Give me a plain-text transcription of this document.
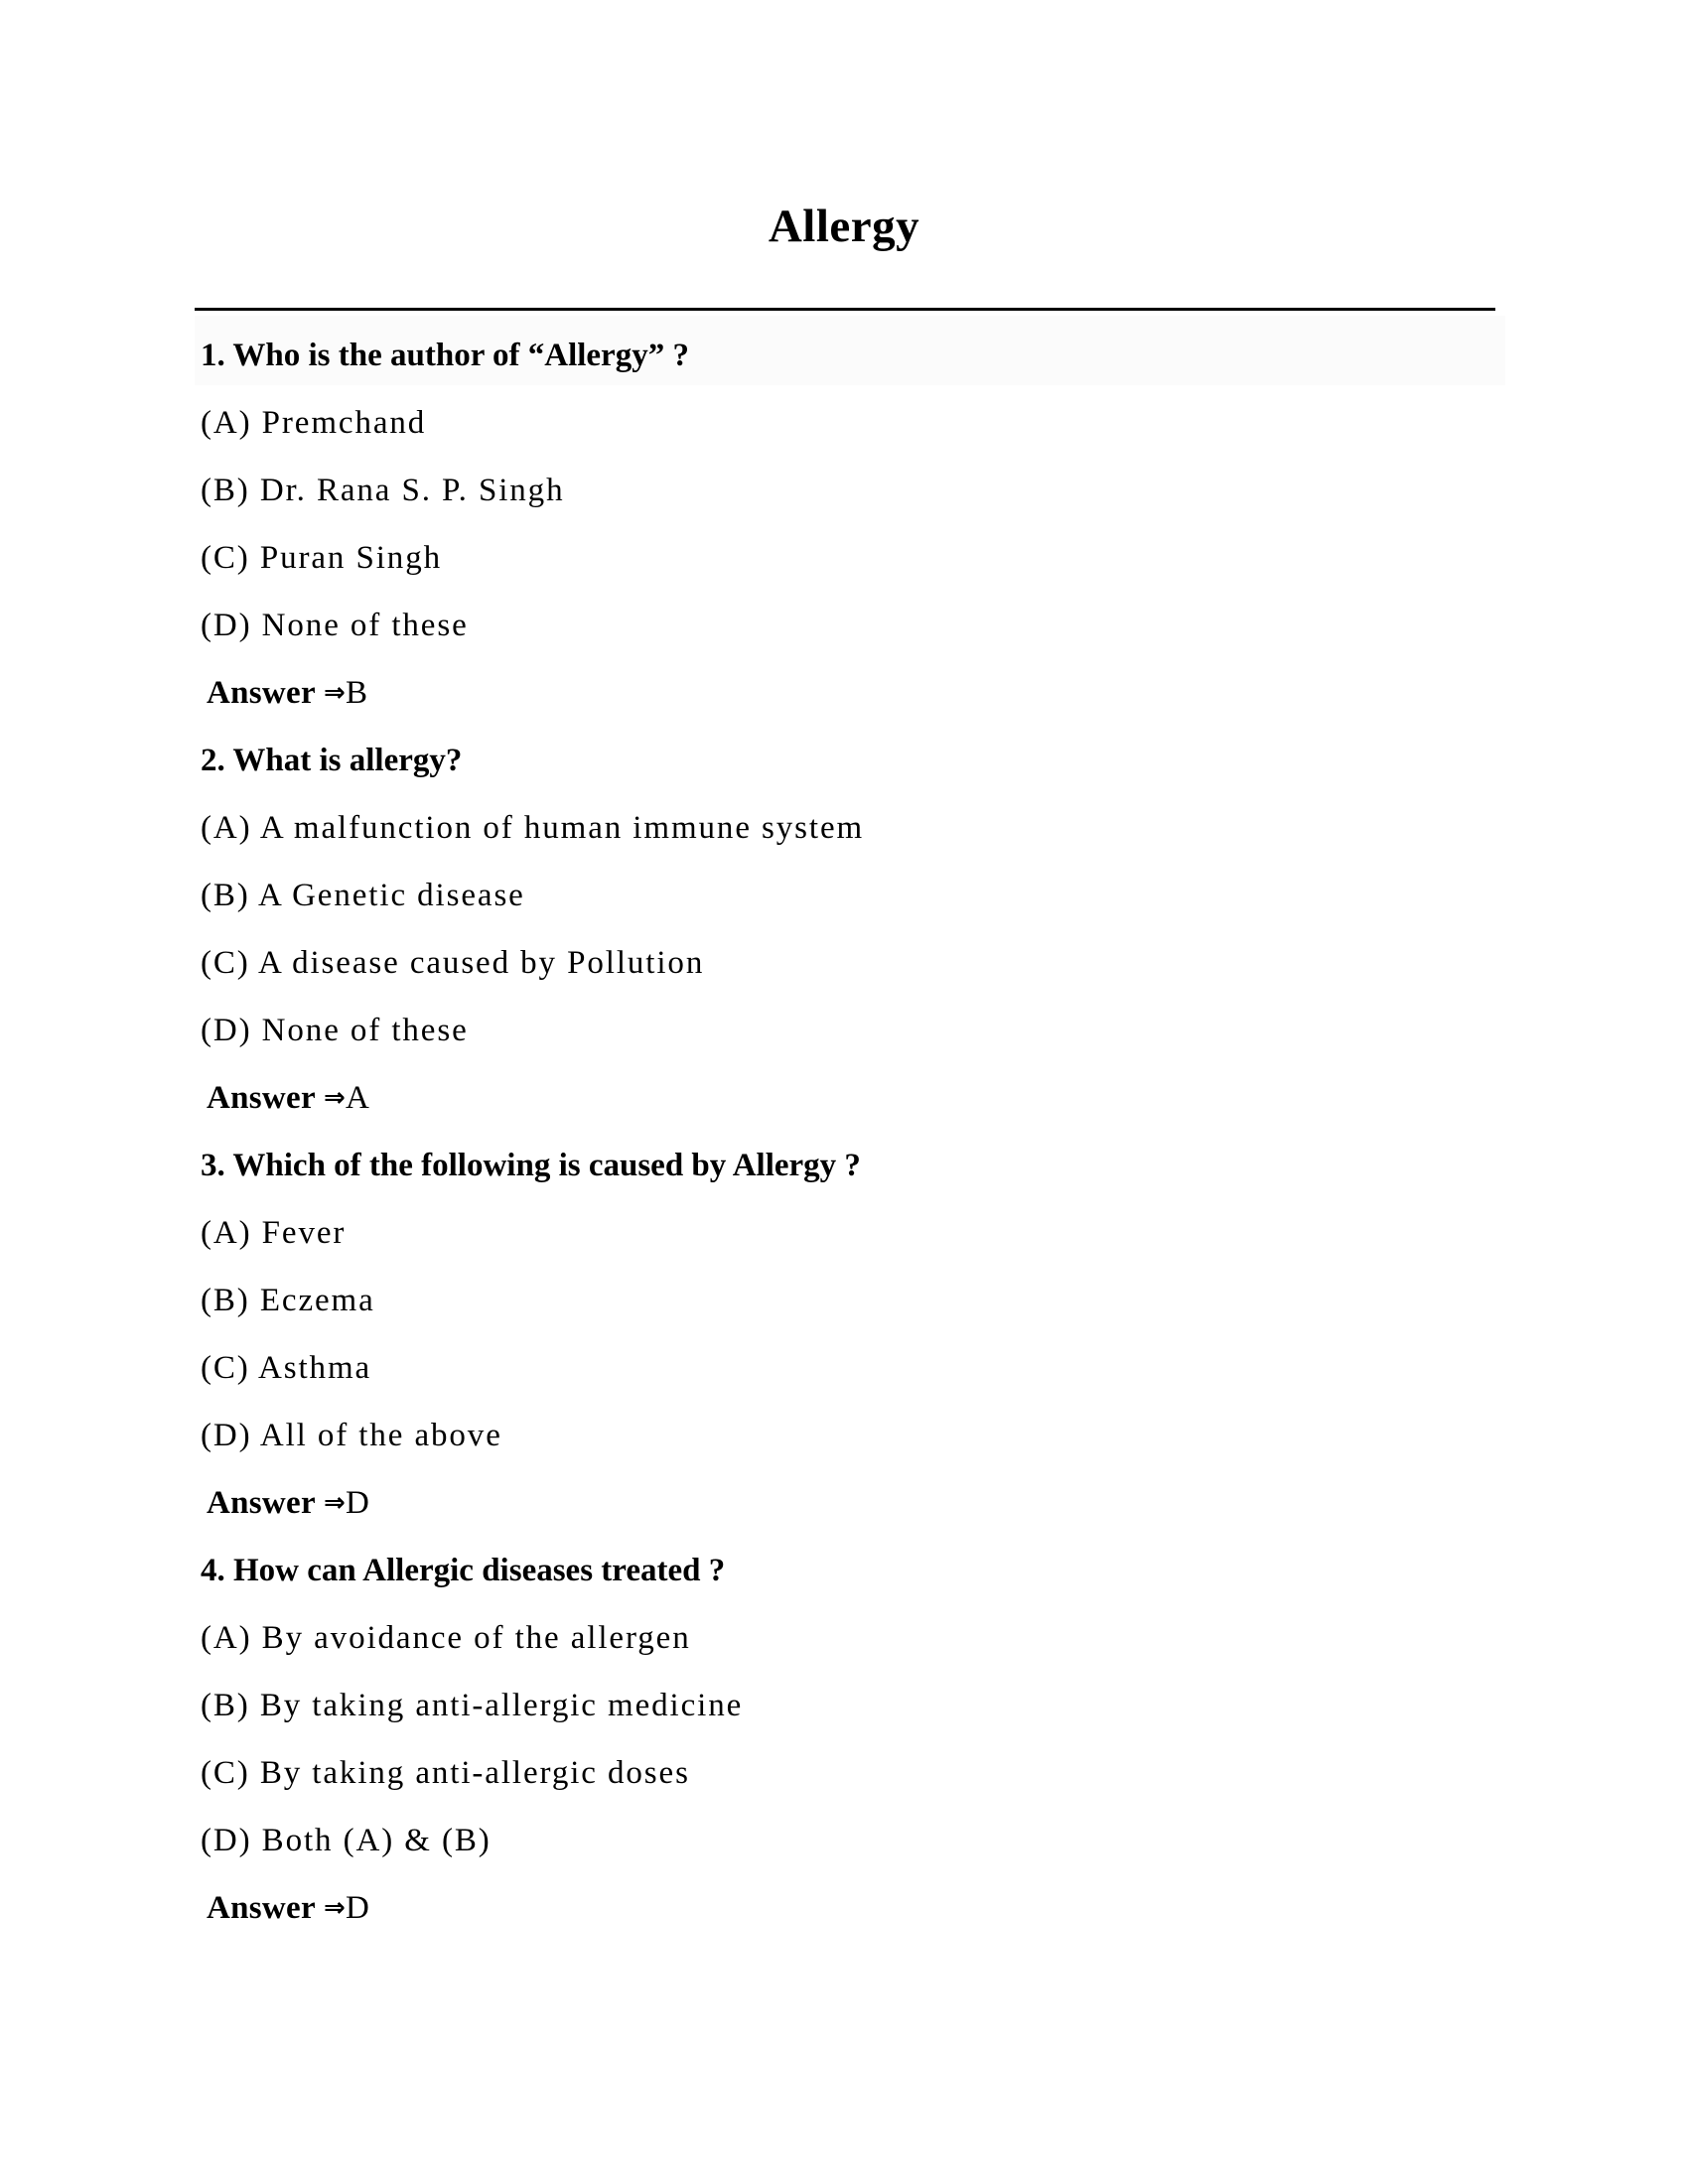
Allergy
1. Who is the author of “Allergy” ?
(A) Premchand
(B) Dr. Rana S. P. Singh
(C) Puran Singh
(D) None of these
Answer ⇒B
2. What is allergy?
(A) A malfunction of human immune system
(B) A Genetic disease
(C) A disease caused by Pollution
(D) None of these
Answer ⇒A
3. Which of the following is caused by Allergy ?
(A) Fever
(B) Eczema
(C) Asthma
(D) All of the above
Answer ⇒D
4. How can Allergic diseases treated ?
(A) By avoidance of the allergen
(B) By taking anti-allergic medicine
(C) By taking anti-allergic doses
(D) Both (A) & (B)
Answer ⇒D
